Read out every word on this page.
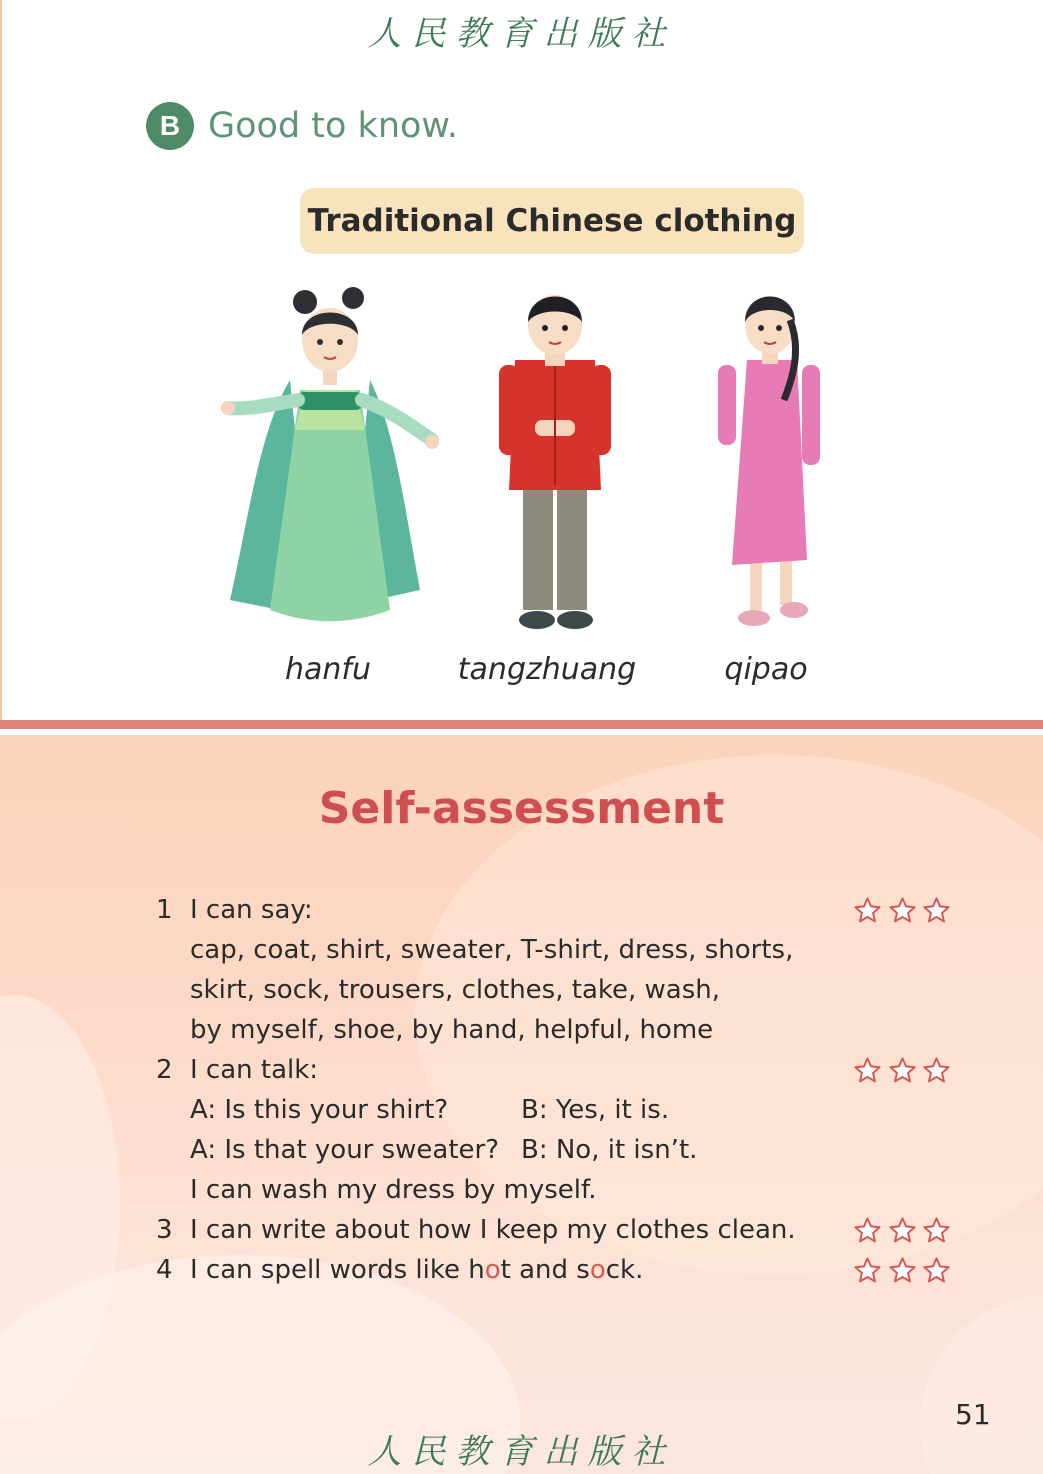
人民教育出版社
B Good to know.
Traditional Chinese clothing
hanfu	tangzhuang	qipao
Self-assessment
1 I can say:
cap, coat, shirt, sweater, T-shirt, dress, shorts,
skirt, sock, trousers, clothes, take, wash,
by myself, shoe, by hand, helpful, home
2 I can talk:
A: Is this your shirt?	B: Yes, it is.
A: Is that your sweater? B: No, it isn’t.
I can wash my dress by myself.
3 I can write about how I keep my clothes clean.
4 I can spell words like hot and sock.
51
人民教育出版社
